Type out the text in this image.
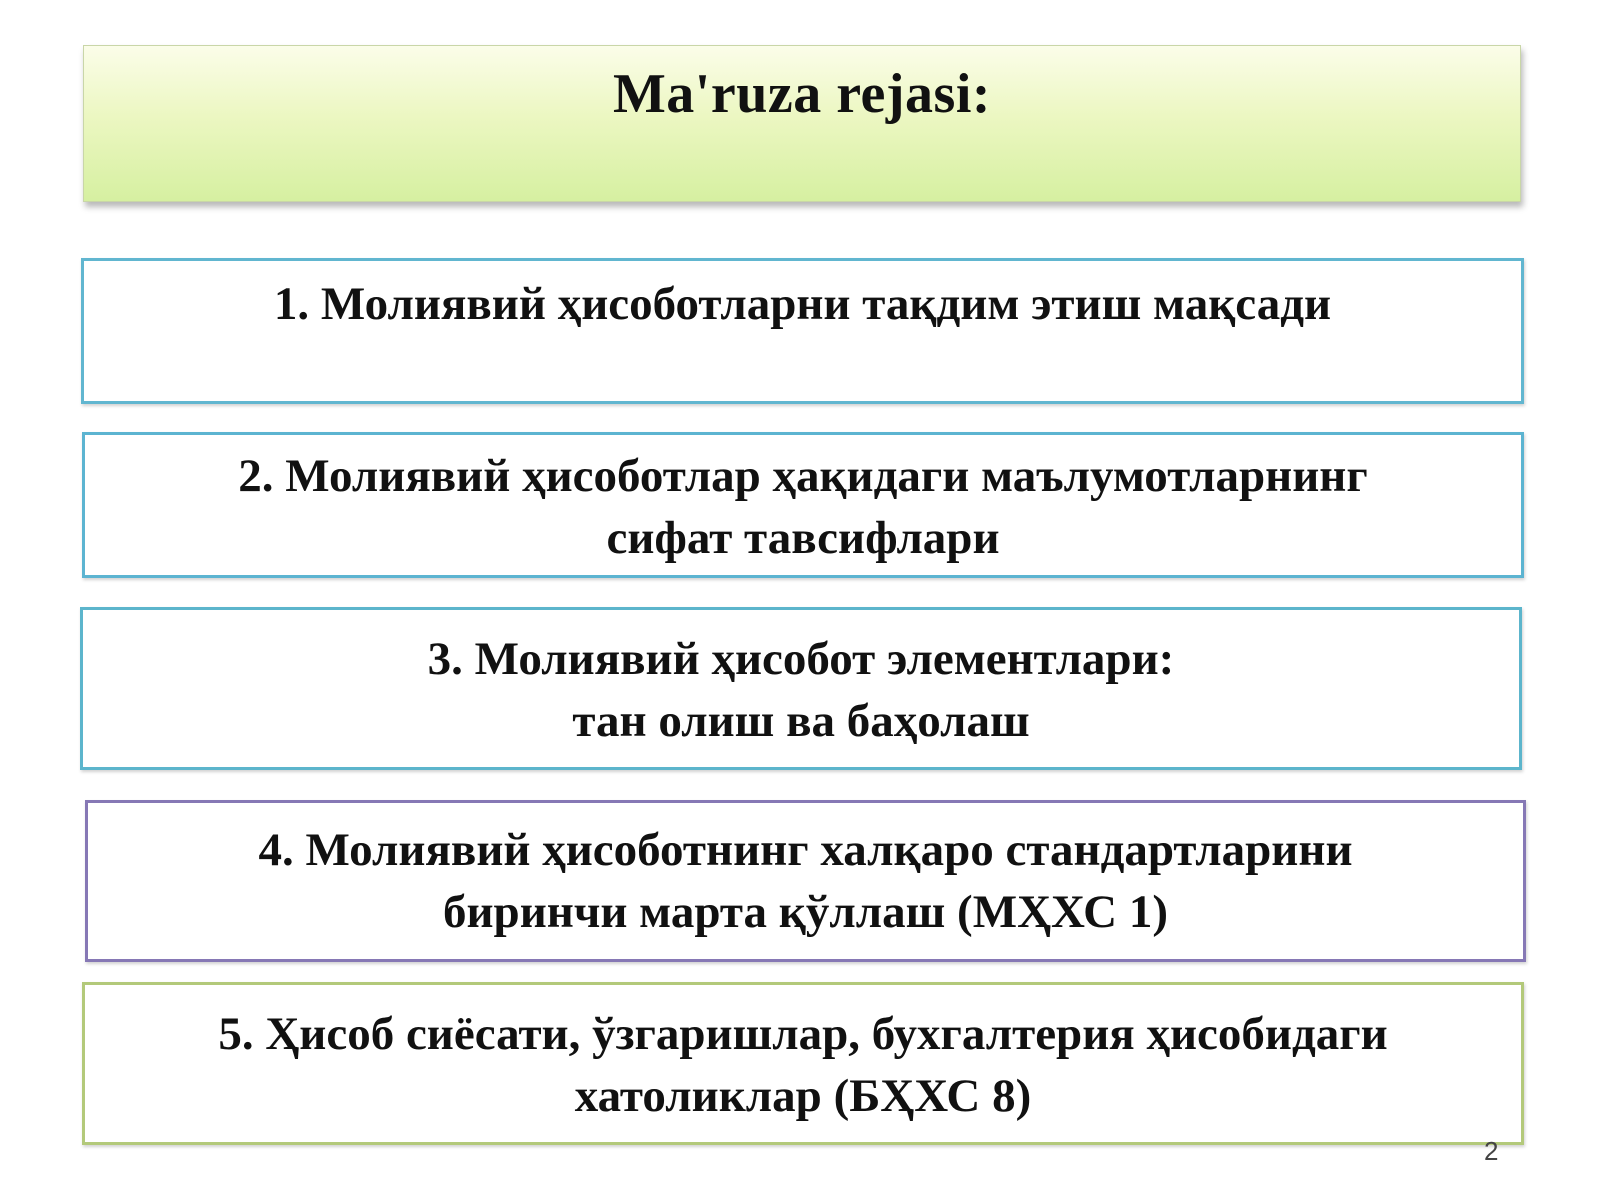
Ma'ruza rejasi:
1. Молиявий ҳисоботларни тақдим этиш мақсади
2. Молиявий ҳисоботлар ҳақидаги маълумотларнинг
сифат тавсифлари
3. Молиявий ҳисобот элементлари:
тан олиш ва баҳолаш
4. Молиявий ҳисоботнинг халқаро стандартларини
биринчи марта қўллаш (МҲХС 1)
5. Ҳисоб сиёсати, ўзгаришлар, бухгалтерия ҳисобидаги
хатоликлар (БҲХС 8)
2
